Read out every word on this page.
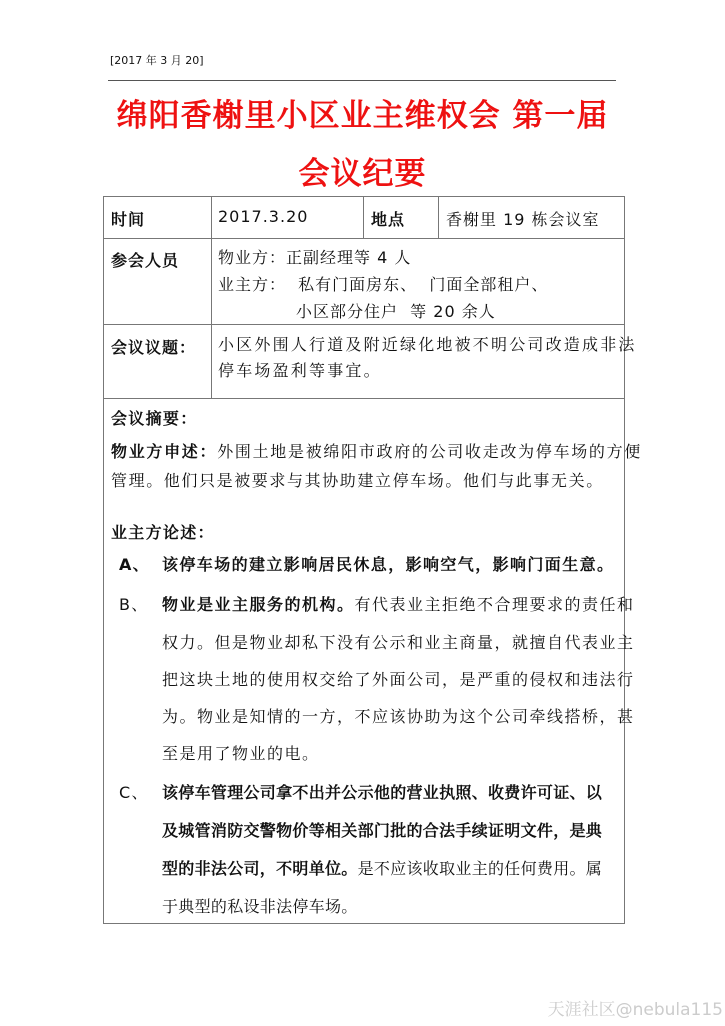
[2017 年 3 月 20]
绵阳香榭里小区业主维权会 第一届
会议纪要
时间	2017.3.20	地点	香榭里 19 栋会议室
参会人员 物业方：正副经理等 4 人
业主方：  私有门面房东、  门面全部租户、
小区部分住户  等 20 余人
会议议题： 小区外围人行道及附近绿化地被不明公司改造成非法
停车场盈利等事宜。
会议摘要：
物业方申述：外围土地是被绵阳市政府的公司收走改为停车场的方便
管理。他们只是被要求与其协助建立停车场。他们与此事无关。
业主方论述：
A、 该停车场的建立影响居民休息，影响空气，影响门面生意。
B、 物业是业主服务的机构。有代表业主拒绝不合理要求的责任和
权力。但是物业却私下没有公示和业主商量，就擅自代表业主
把这块土地的使用权交给了外面公司，是严重的侵权和违法行
为。物业是知情的一方，不应该协助为这个公司牵线搭桥，甚
至是用了物业的电。
C、 该停车管理公司拿不出并公示他的营业执照、收费许可证、以
及城管消防交警物价等相关部门批的合法手续证明文件，是典
型的非法公司，不明单位。是不应该收取业主的任何费用。属
于典型的私设非法停车场。
天涯社区@nebula115
